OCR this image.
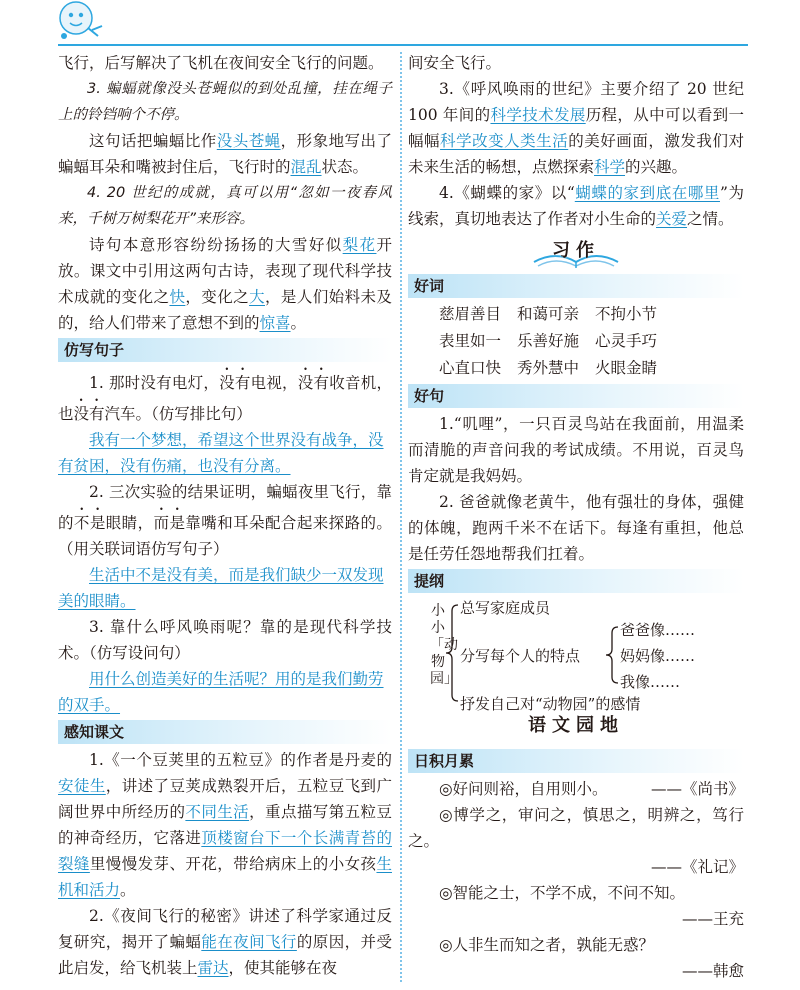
飞行，后写解决了飞机在夜间安全飞行的问题。

3. 蝙蝠就像没头苍蝇似的到处乱撞，挂在绳子上的铃铛响个不停。

这句话把蝙蝠比作没头苍蝇，形象地写出了蝙蝠耳朵和嘴被封住后，飞行时的混乱状态。

4. 20 世纪的成就，真可以用“忽如一夜春风来，千树万树梨花开”来形容。

诗句本意形容纷纷扬扬的大雪好似梨花开放。课文中引用这两句古诗，表现了现代科学技术成就的变化之快，变化之大，是人们始料未及的，给人们带来了意想不到的惊喜。

仿写句子

1. 那时没有电灯，没有电视，没有收音机，也没有汽车。（仿写排比句）

我有一个梦想，希望这个世界没有战争，没有贫困，没有伤痛，也没有分离。

2. 三次实验的结果证明，蝙蝠夜里飞行，靠的不是眼睛，而是靠嘴和耳朵配合起来探路的。（用关联词语仿写句子）

生活中不是没有美，而是我们缺少一双发现美的眼睛。

3. 靠什么呼风唤雨呢？靠的是现代科学技术。（仿写设问句）

用什么创造美好的生活呢？用的是我们勤劳的双手。

感知课文

1.《一个豆荚里的五粒豆》的作者是丹麦的安徒生，讲述了豆荚成熟裂开后，五粒豆飞到广阔世界中所经历的不同生活，重点描写第五粒豆的神奇经历，它落进顶楼窗台下一个长满青苔的裂缝里慢慢发芽、开花，带给病床上的小女孩生机和活力。

2.《夜间飞行的秘密》讲述了科学家通过反复研究，揭开了蝙蝠能在夜间飞行的原因，并受此启发，给飞机装上雷达，使其能够在夜

间安全飞行。

3.《呼风唤雨的世纪》主要介绍了 20 世纪 100 年间的科学技术发展历程，从中可以看到一幅幅科学改变人类生活的美好画面，激发我们对未来生活的畅想，点燃探索科学的兴趣。

4.《蝴蝶的家》以“蝴蝶的家到底在哪里”为线索，真切地表达了作者对小生命的关爱之情。

习作
好词
慈眉善目 和蔼可亲 不拘小节
表里如一 乐善好施 心灵手巧
心直口快 秀外慧中 火眼金睛
好句

1.“叽哩”，一只百灵鸟站在我面前，用温柔而清脆的声音问我的考试成绩。不用说，百灵鸟肯定就是我妈妈。

2. 爸爸就像老黄牛，他有强壮的身体，强健的体魄，跑两千米不在话下。每逢有重担，他总是任劳任怨地帮我们扛着。

提纲
小小「动物园」
总写家庭成员
分写每个人的特点
爸爸像……
妈妈像……
我像……
抒发自己对“动物园”的感情
语文园地
日积月累

◎好问则裕，自用则小。	——《尚书》

◎博学之，审问之，慎思之，明辨之，笃行之。

——《礼记》

◎智能之士，不学不成，不问不知。

——王充

◎人非生而知之者，孰能无惑？
——韩愈
